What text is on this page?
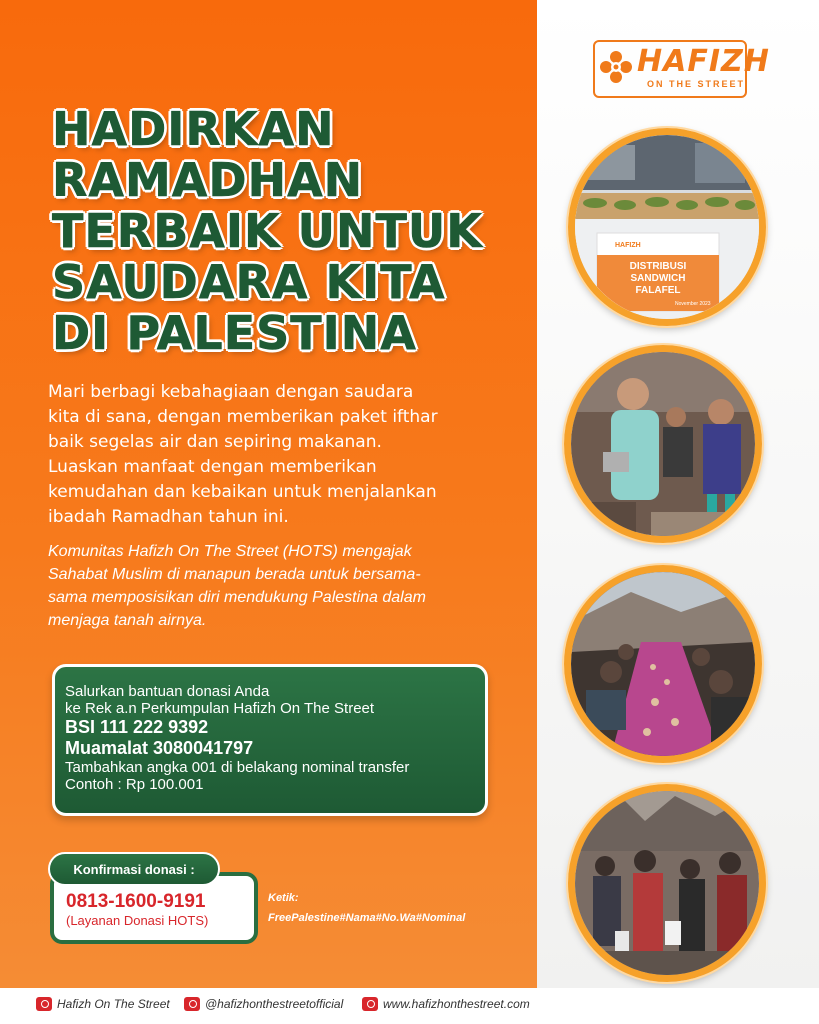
HADIRKAN
RAMADHAN
TERBAIK UNTUK
SAUDARA KITA
DI PALESTINA
Mari berbagi kebahagiaan dengan saudara
kita di sana, dengan memberikan paket ifthar
baik segelas air dan sepiring makanan.
Luaskan manfaat dengan memberikan
kemudahan dan kebaikan untuk menjalankan
ibadah Ramadhan tahun ini.
Komunitas Hafizh On The Street (HOTS) mengajak
Sahabat Muslim di manapun berada untuk bersama-
sama memposisikan diri mendukung Palestina dalam
menjaga tanah airnya.
Salurkan bantuan donasi Anda
ke Rek a.n Perkumpulan Hafizh On The Street
BSI 111 222 9392
Muamalat 3080041797
Tambahkan angka 001 di belakang nominal transfer
Contoh : Rp 100.001
0813-1600-9191
(Layanan Donasi HOTS)
Konfirmasi donasi :
Ketik:
FreePalestine#Nama#No.Wa#Nominal
HAFIZH
ON THE STREET
HAFIZH
DISTRIBUSI
SANDWICH
FALAFEL
November 2023
Hafizh On The Street	@hafizhonthestreetofficial	www.hafizhonthestreet.com
